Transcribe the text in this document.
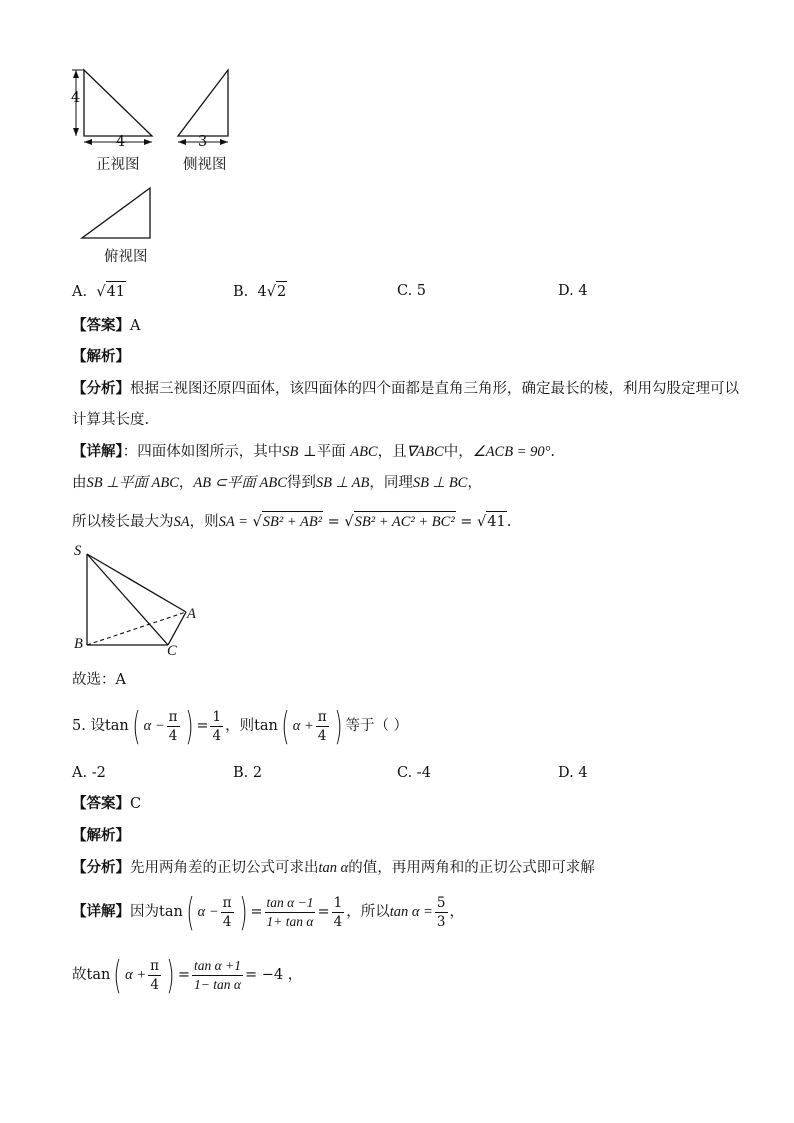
4
4	3
正视图	侧视图
俯视图
A. √41	B. 4√2	C. 5	D. 4
【答案】A
【解析】
【分析】根据三视图还原四面体，该四面体的四个面都是直角三角形，确定最长的棱，利用勾股定理可以
计算其长度.
【详解】：四面体如图所示，其中SB ⊥平面 ABC，且∇ABC中，∠ACB = 90°.
由SB ⊥平面 ABC，AB ⊂平面 ABC得到SB ⊥ AB，同理SB ⊥ BC，
所以棱长最大为SA，则SA = √SB² + AB² = √SB² + AC² + BC² = √41.
S
A
B	C
故选：A
5. 设tan( $\alpha - \frac{\pi}{4}$ ) = $\frac{1}{4}$ ，则tan( $\alpha + \frac{\pi}{4}$ ) 等于（ ）
A. -2	B. 2	C. -4	D. 4
【答案】C
【解析】
【分析】先用两角差的正切公式可求出tan α的值，再用两角和的正切公式即可求解
【详解】因为tan( $\alpha - \frac{\pi}{4}$ ) = $\frac{\text{tan α −1}}{\text{1+ tan α}} = \frac{1}{4}$ ，所以$\tan \alpha = \frac{5}{3}$ ，
故tan( $\alpha + \frac{\pi}{4}$ ) = $\frac{\text{tan α +1}}{\text{1− tan α}} = -4$ ，
